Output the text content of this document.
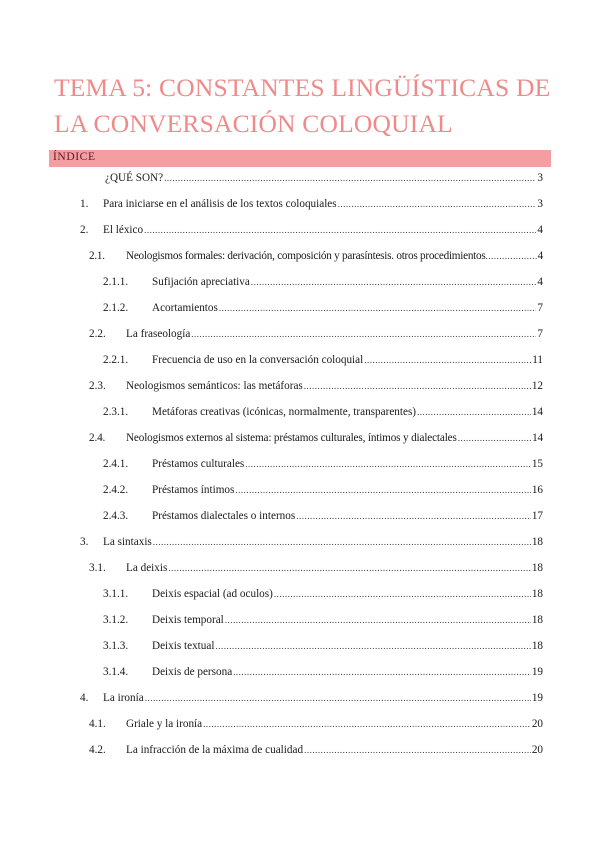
TEMA 5: CONSTANTES LINGÜÍSTICAS DE LA CONVERSACIÓN COLOQUIAL
ÍNDICE
¿QUÉ SON? .....	3
1.	Para iniciarse en el análisis de los textos coloquiales .....	3
2.	El léxico .....	4
2.1.	Neologismos formales: derivación, composición y parasíntesis. otros procedimientos .....	4
2.1.1.	Sufijación apreciativa .....	4
2.1.2.	Acortamientos .....	7
2.2.	La fraseología .....	7
2.2.1.	Frecuencia de uso en la conversación coloquial .....	11
2.3.	Neologismos semánticos: las metáforas .....	12
2.3.1.	Metáforas creativas (icónicas, normalmente, transparentes) .....	14
2.4.	Neologismos externos al sistema: préstamos culturales, íntimos y dialectales .....	14
2.4.1.	Préstamos culturales .....	15
2.4.2.	Préstamos íntimos .....	16
2.4.3.	Préstamos dialectales o internos .....	17
3.	La sintaxis .....	18
3.1.	La deixis .....	18
3.1.1.	Deixis espacial (ad oculos) .....	18
3.1.2.	Deixis temporal .....	18
3.1.3.	Deixis textual .....	18
3.1.4.	Deixis de persona .....	19
4.	La ironía .....	19
4.1.	Griale y la ironía .....	20
4.2.	La infracción de la máxima de cualidad .....	20
